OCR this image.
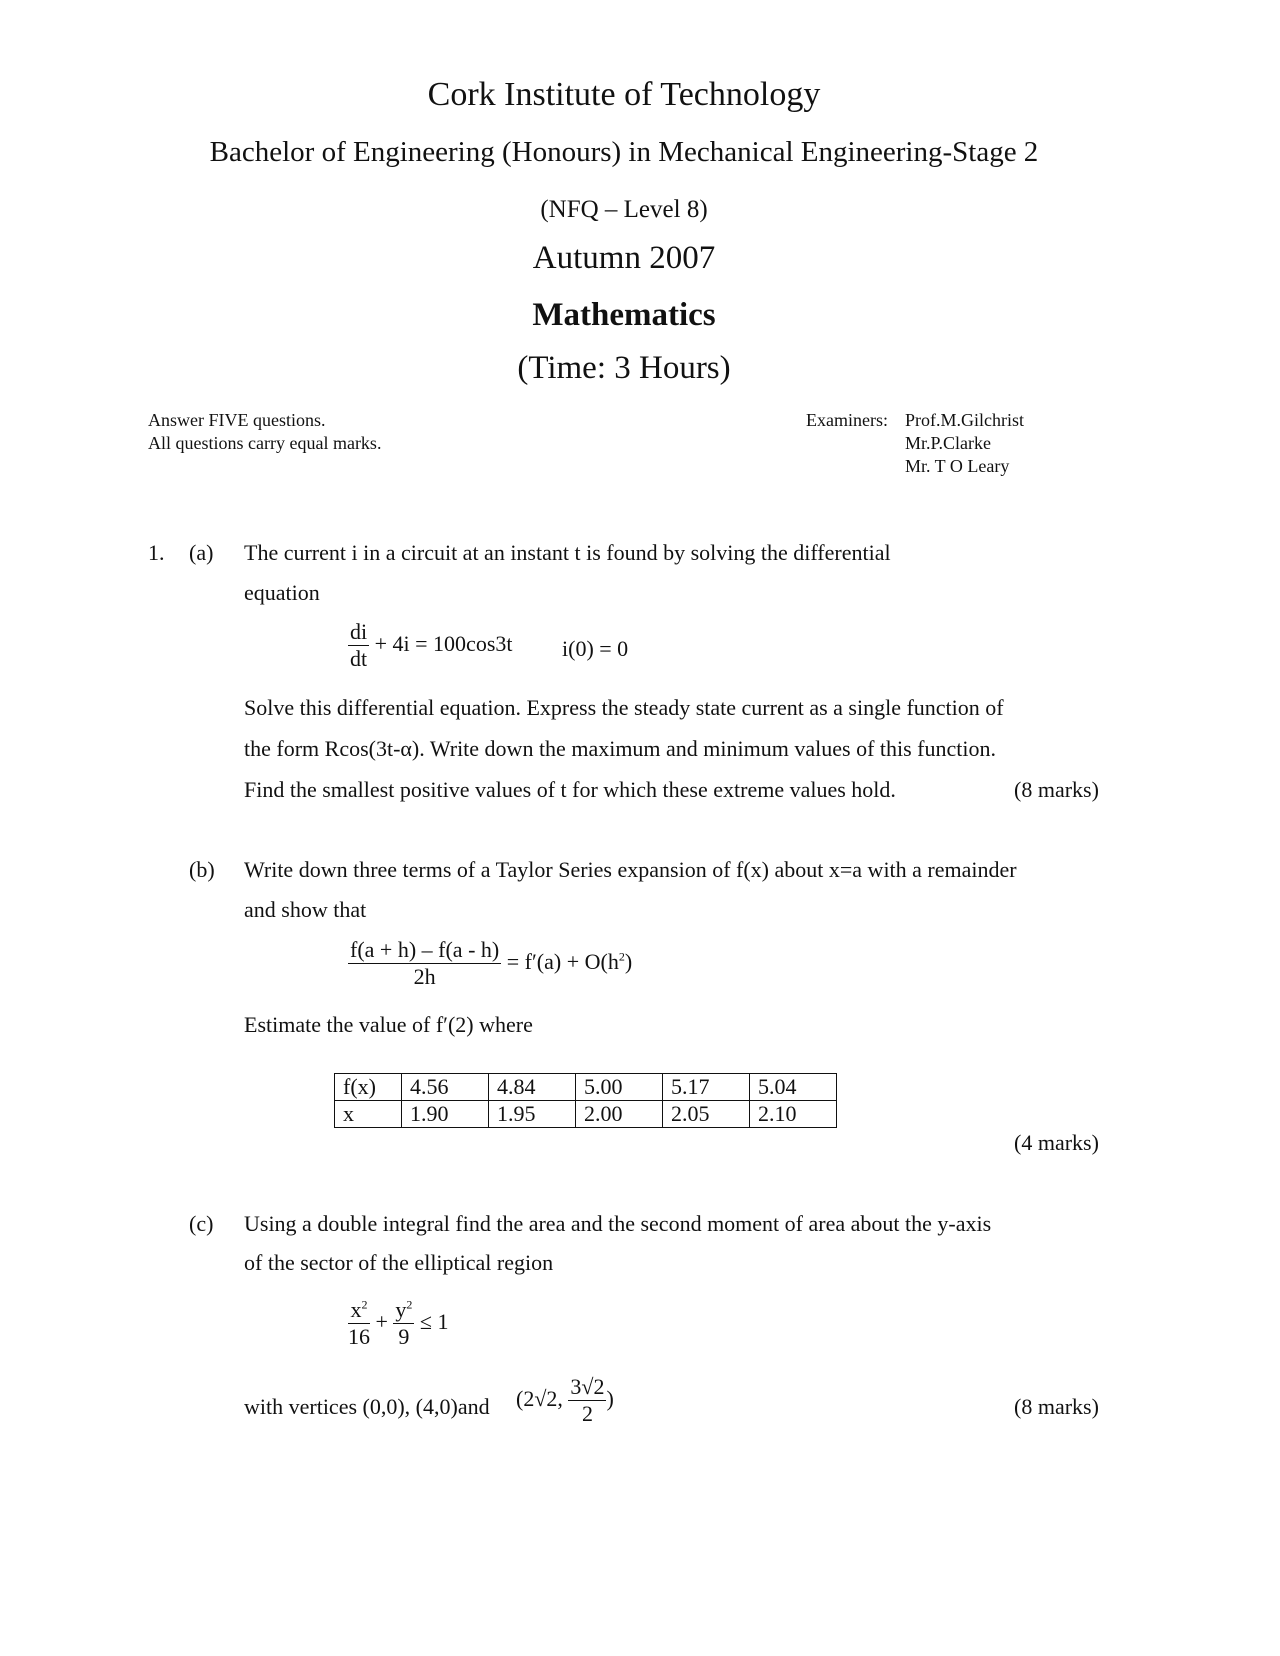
Cork Institute of Technology
Bachelor of Engineering (Honours) in Mechanical Engineering-Stage 2
(NFQ – Level 8)
Autumn 2007
Mathematics
(Time: 3 Hours)
Answer FIVE questions.
All questions carry equal marks.
Examiners: Prof.M.Gilchrist
Mr.P.Clarke
Mr. T O Leary
1. (a) The current i in a circuit at an instant t is found by solving the differential
equation
$\frac{di}{dt} + 4i = 100\cos 3t$ i(0) = 0
Solve this differential equation. Express the steady state current as a single function of
the form Rcos(3t-α). Write down the maximum and minimum values of this function.
Find the smallest positive values of t for which these extreme values hold.	(8 marks)
(b) Write down three terms of a Taylor Series expansion of f(x) about x=a with a remainder
and show that
$\frac{f(a + h) - f(a - h)}{2h} = f'(a) + O(h^2)$
Estimate the value of f′(2) where
f(x)	4.56	4.84	5.00	5.17	5.04
x	1.90	1.95	2.00	2.05	2.10
(4 marks)
(c) Using a double integral find the area and the second moment of area about the y-axis
of the sector of the elliptical region
$\frac{x^2}{16} + \frac{y^2}{9} \le 1$
with vertices (0,0), (4,0)and (2√2, $\frac{3√2}{2}$ )	(8 marks)
